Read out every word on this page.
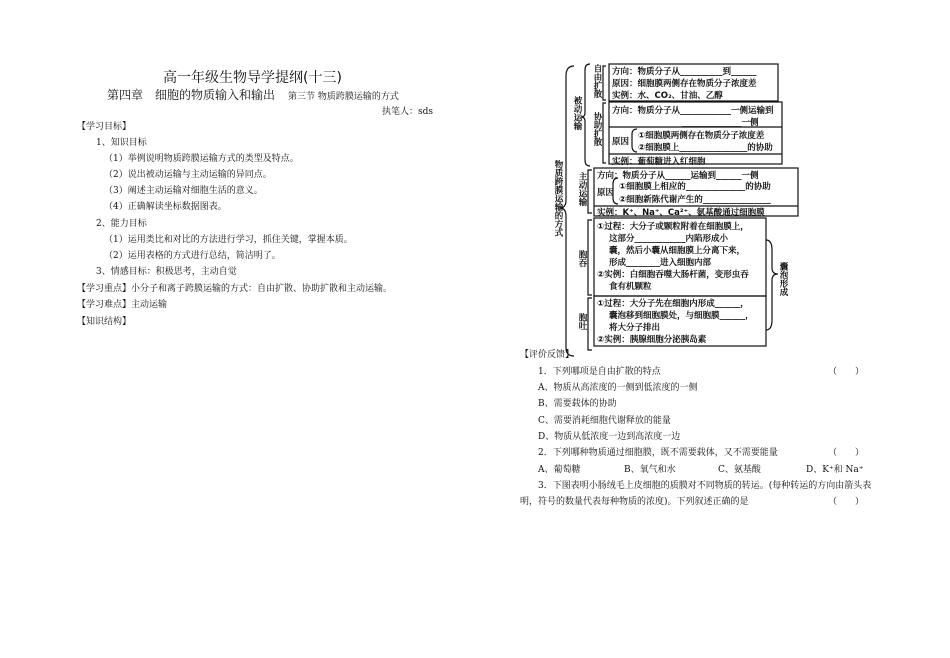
高一年级生物导学提纲(十三)
第四章　细胞的物质输入和输出 第三节 物质跨膜运输的方式
执笔人：sds
【学习目标】
1、知识目标
（1）举例说明物质跨膜运输方式的类型及特点。
（2）说出被动运输与主动运输的异同点。
（3）阐述主动运输对细胞生活的意义。
（4）正确解读坐标数据图表。
2、能力目标
（1）运用类比和对比的方法进行学习，抓住关键，掌握本质。
（2）运用表格的方式进行总结，简洁明了。
3、情感目标：积极思考，主动自觉
【学习重点】小分子和离子跨膜运输的方式：自由扩散、协助扩散和主动运输。
【学习难点】主动运输
【知识结构】
物质跨膜运输的方式
被动运输
自由扩散
协助扩散
主动运输
胞吞
胞吐
囊泡形成
方向：物质分子从__________到______
原因：细胞膜两侧存在物质分子浓度差
实例：水、CO₂、甘油、乙醇
方向：物质分子从____________一侧运输到
______________一侧
原因
①细胞膜两侧存在物质分子浓度差
②细胞膜上________________的协助
实例：葡萄糖进入红细胞
方向：物质分子从______运输到______一侧
原因
①细胞膜上相应的______________的协助
②细胞新陈代谢产生的________________
实例：K⁺、Na⁺、Ca²⁺、氨基酸通过细胞膜
①过程：大分子或颗粒附着在细胞膜上，
这部分____________内陷形成小
囊，然后小囊从细胞膜上分离下来，
形成________进入细胞内部
②实例：白细胞吞噬大肠杆菌，变形虫吞
食有机颗粒
①过程：大分子先在细胞内形成______，
囊泡移到细胞膜处，与细胞膜______，
将大分子排出
②实例：胰腺细胞分泌胰岛素
【评价反馈】
1．下列哪项是自由扩散的特点	（　　）
A、物质从高浓度的一侧到低浓度的一侧
B、需要载体的协助
C、需要消耗细胞代谢释放的能量
D、物质从低浓度一边到高浓度一边
2．下列哪种物质通过细胞膜，既不需要载体，又不需要能量	（　　）
A、葡萄糖	B、氧气和水	C、氨基酸	D、K⁺和 Na⁺
3．下图表明小肠绒毛上皮细胞的质膜对不同物质的转运。(每种转运的方向由箭头表
明，符号的数量代表每种物质的浓度)。下列叙述正确的是	（　　）
